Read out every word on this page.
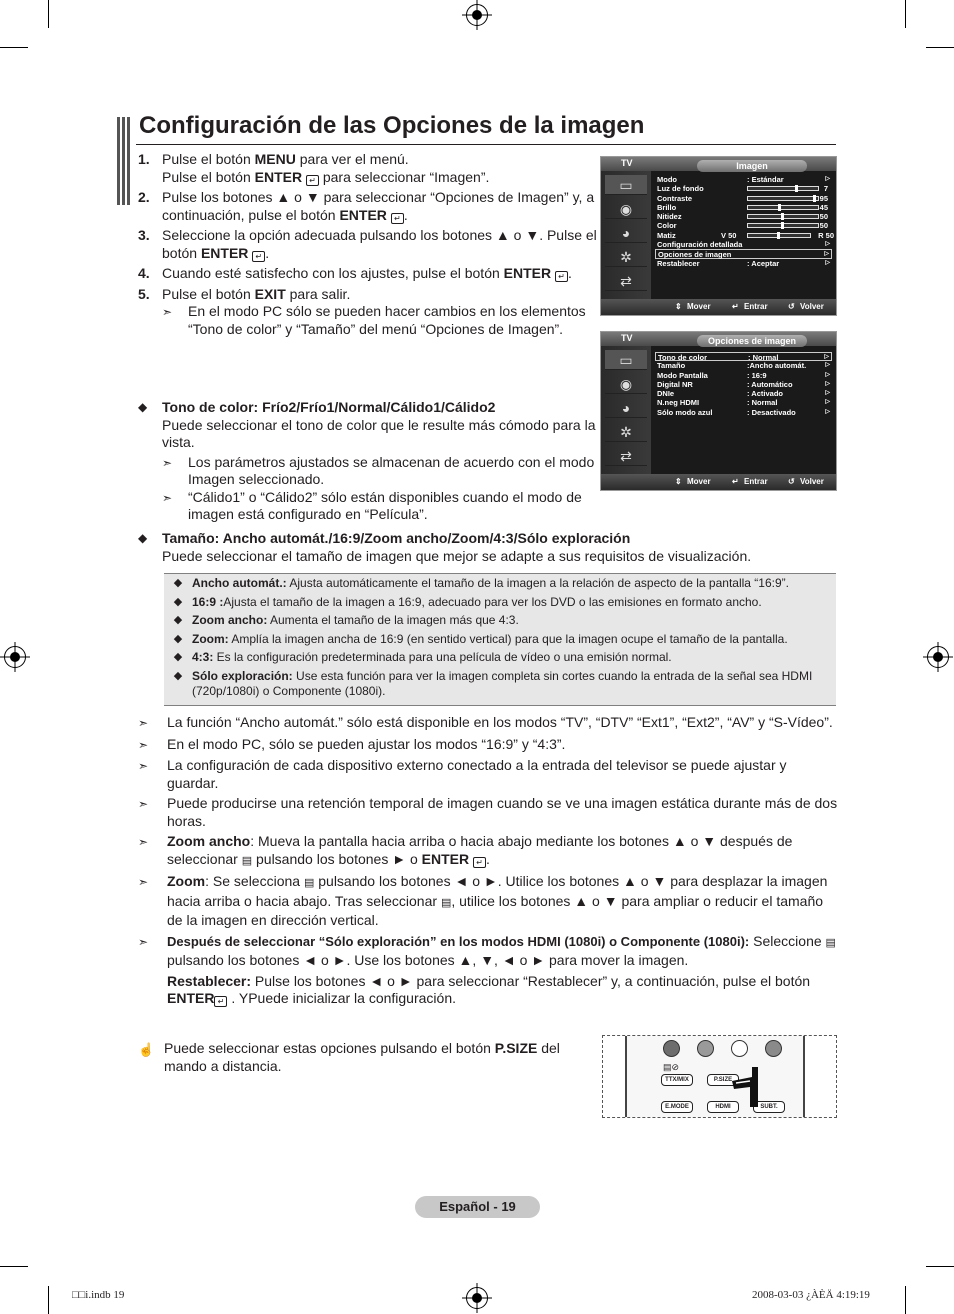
Configuración de las Opciones de la imagen
1. Pulse el botón MENU para ver el menú.
Pulse el botón ENTER ↵ para seleccionar “Imagen”.
2. Pulse los botones ▲ o ▼ para seleccionar “Opciones de Imagen” y, a continuación, pulse el botón ENTER ↵ .
3. Seleccione la opción adecuada pulsando los botones ▲ o ▼. Pulse el botón ENTER ↵ .
4. Cuando esté satisfecho con los ajustes, pulse el botón ENTER ↵ .
5. Pulse el botón EXIT para salir.
➣	En el modo PC sólo se pueden hacer cambios en los elementos “Tono de color” y “Tamaño” del menú “Opciones de Imagen”.
◆	Tono de color: Frío2/Frío1/Normal/Cálido1/Cálido2
Puede seleccionar el tono de color que le resulte más cómodo para la vista.
➣	Los parámetros ajustados se almacenan de acuerdo con el modo Imagen seleccionado.
➣	“Cálido1” o “Cálido2” sólo están disponibles cuando el modo de imagen está configurado en “Película”.
◆	Tamaño: Ancho automát./16:9/Zoom ancho/Zoom/4:3/Sólo exploración
Puede seleccionar el tamaño de imagen que mejor se adapte a sus requisitos de visualización.
◆ Ancho automát.: Ajusta automáticamente el tamaño de la imagen a la relación de aspecto de la pantalla “16:9”.
◆ 16:9 :Ajusta el tamaño de la imagen a 16:9, adecuado para ver los DVD o las emisiones en formato ancho.
◆ Zoom ancho: Aumenta el tamaño de la imagen más que 4:3.
◆ Zoom: Amplía la imagen ancha de 16:9 (en sentido vertical) para que la imagen ocupe el tamaño de la pantalla.
◆ 4:3: Es la configuración predeterminada para una película de vídeo o una emisión normal.
◆ Sólo exploración: Use esta función para ver la imagen completa sin cortes cuando la entrada de la señal sea HDMI (720p/1080i) o Componente (1080i).
➣	La función “Ancho automát.” sólo está disponible en los modos “TV”, “DTV” “Ext1”, “Ext2”, “AV” y “S-Vídeo”.
➣	En el modo PC, sólo se pueden ajustar los modos “16:9” y “4:3”.
➣	La configuración de cada dispositivo externo conectado a la entrada del televisor se puede ajustar y guardar.
➣	Puede producirse una retención temporal de imagen cuando se ve una imagen estática durante más de dos horas.
➣	Zoom ancho: Mueva la pantalla hacia arriba o hacia abajo mediante los botones ▲ o ▼ después de seleccionar ▤ pulsando los botones ► o ENTER ↵ .
➣	Zoom: Se selecciona ▤ pulsando los botones ◄ o ►. Utilice los botones ▲ o ▼ para desplazar la imagen hacia arriba o hacia abajo. Tras seleccionar ▤, utilice los botones ▲ o ▼ para ampliar o reducir el tamaño de la imagen en dirección vertical.
➣	Después de seleccionar “Sólo exploración” en los modos HDMI (1080i) o Componente (1080i): Seleccione ▤ pulsando los botones ◄ o ►. Use los botones ▲, ▼, ◄ o ► para mover la imagen.
Restablecer: Pulse los botones ◄ o ► para seleccionar “Restablecer” y, a continuación, pulse el botón ENTER ↵ . YPuede inicializar la configuración.
☝ Puede seleccionar estas opciones pulsando el botón P.SIZE del mando a distancia.
TV	Imagen
▭
◉
◕
✲
⇄
Modo	: Estándar	▷
Luz de fondo	7
Contraste	95
Brillo	45
Nitidez	50
Color	50
Matiz	V 50	R 50
Configuración detallada	▷
Opciones de imagen	▷
Restablecer	: Aceptar	▷
⇕ Mover	↵ Entrar	↺ Volver
TV	Opciones de imagen
▭
◉
◕
✲
⇄
Tono de color	: Normal	▷
Tamaño	:Ancho automát.	▷
Modo Pantalla	: 16:9	▷
Digital NR	: Automático	▷
DNIe	: Activado	▷
N.neg HDMI	: Normal	▷
Sólo modo azul	: Desactivado	▷
⇕ Mover	↵ Entrar	↺ Volver
▤⊘
TTX/MIX	P.SIZE
E.MODE	HDMI	SUBT.
Español - 19
□□i.indb 19	2008-03-03 ¿ÀÈÄ 4:19:19
